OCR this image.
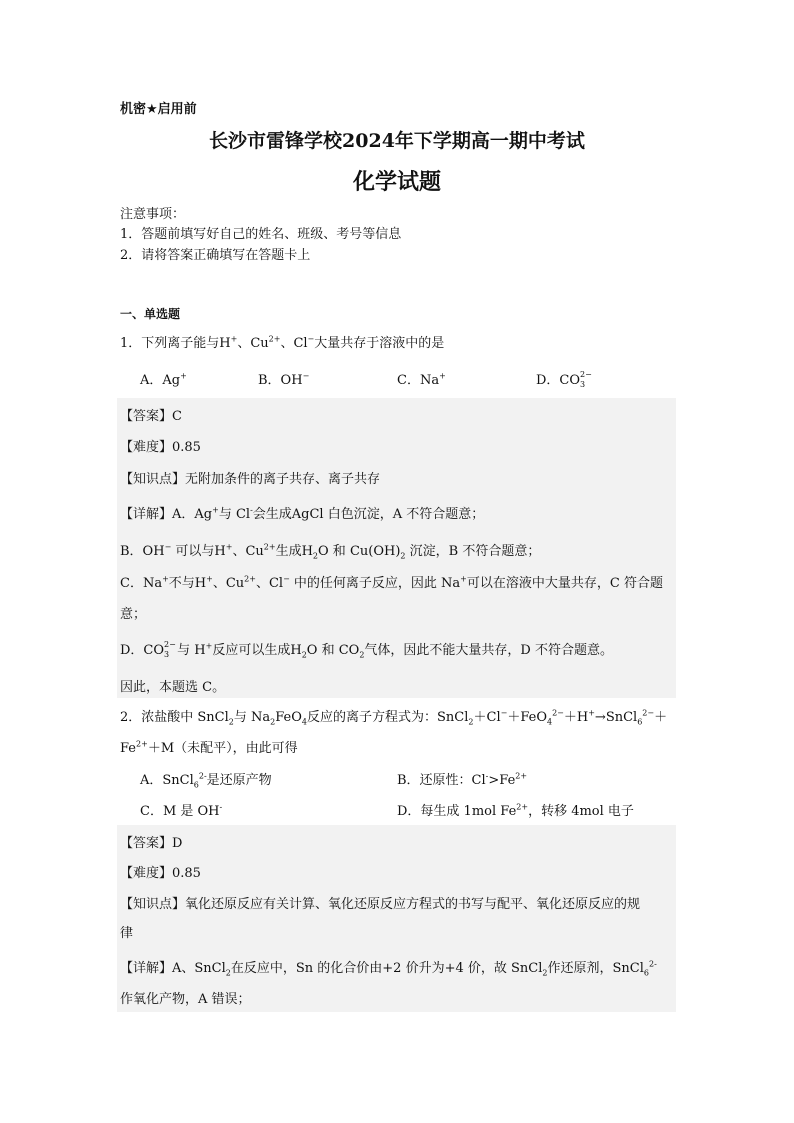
机密★启用前
长沙市雷锋学校2024年下学期高一期中考试
化学试题
注意事项：
1．答题前填写好自己的姓名、班级、考号等信息
2．请将答案正确填写在答题卡上
一、单选题
1．下列离子能与H+、$Cu^{2+}$、Cl−大量共存于溶液中的是
A．Ag+	B．OH−	C．Na+	D．CO 2−
3
【答案】C
【难度】0.85
【知识点】无附加条件的离子共存、离子共存
【详解】A．Ag+与 Cl-会生成AgCl 白色沉淀，A 不符合题意；
B．OH− 可以与H+、$Cu^{2+}$生成$H_2O$ 和 $Cu(OH)_2$ 沉淀，B 不符合题意；
C．Na+不与H+、$Cu^{2+}$、Cl− 中的任何离子反应，因此 Na+可以在溶液中大量共存，C 符合题
意；
D．CO 2−
3 与 H+反应可以生成$H_2O$ 和 $CO_2$气体，因此不能大量共存，D 不符合题意。
因此，本题选 C。
2．浓盐酸中 SnCl$_2$与 $Na_2FeO_4$反应的离子方程式为：SnCl$_2$＋Cl−＋FeO$_4^{2-}$＋H+→SnCl$_6^{2-}$＋
$Fe^{2+}+M$（未配平），由此可得
A．SnCl$_6^{2-}$是还原产物	B．还原性：$Cl^->Fe^{2+}$
C．M 是 OH-	D．每生成 1mol $Fe^{2+}$，转移 4mol 电子
【答案】D
【难度】0.85
【知识点】氧化还原反应有关计算、氧化还原反应方程式的书写与配平、氧化还原反应的规
律
【详解】A、SnCl$_2$在反应中，Sn 的化合价由+2 价升为+4 价，故 SnCl$_2$作还原剂，SnCl$_6^{2-}$
作氧化产物，A 错误；
